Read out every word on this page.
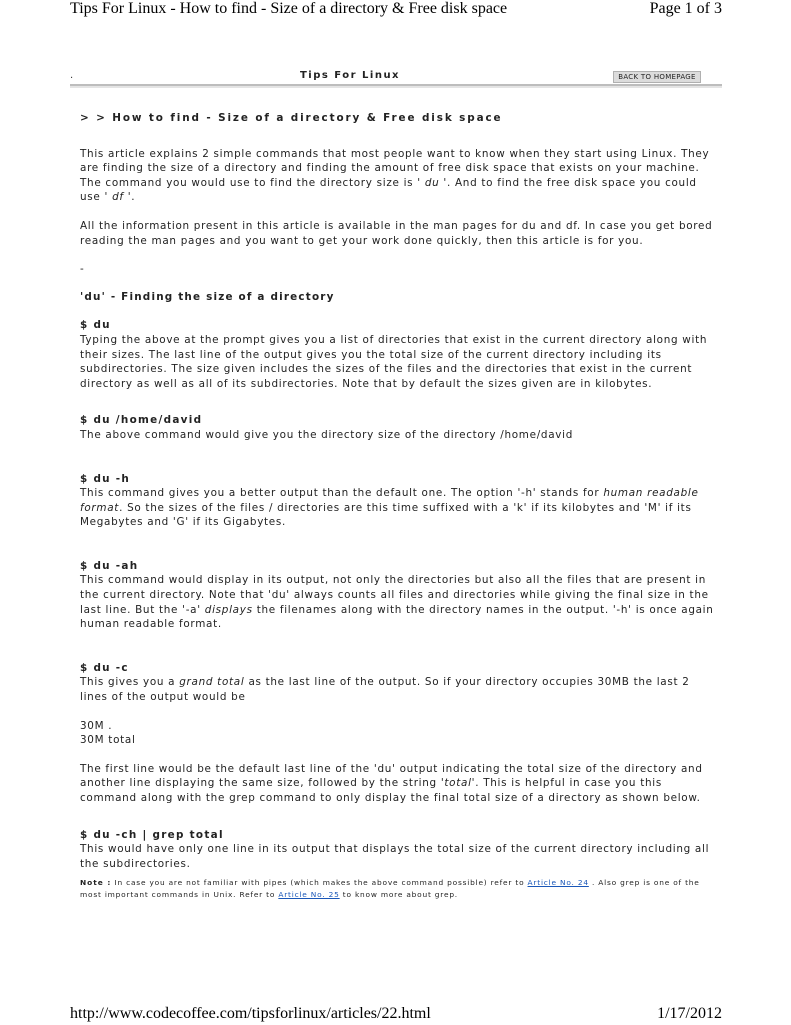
Tips For Linux - How to find - Size of a directory & Free disk space	Page 1 of 3
.	Tips For Linux	BACK TO HOMEPAGE

> > How to find - Size of a directory & Free disk space

This article explains 2 simple commands that most people want to know when they start using Linux. They are finding the size of a directory and finding the amount of free disk space that exists on your machine. The command you would use to find the directory size is ' du '. And to find the free disk space you could use ' df '.

All the information present in this article is available in the man pages for du and df. In case you get bored reading the man pages and you want to get your work done quickly, then this article is for you.

-

'du' - Finding the size of a directory

$ du

Typing the above at the prompt gives you a list of directories that exist in the current directory along with their sizes. The last line of the output gives you the total size of the current directory including its subdirectories. The size given includes the sizes of the files and the directories that exist in the current directory as well as all of its subdirectories. Note that by default the sizes given are in kilobytes.

$ du /home/david

The above command would give you the directory size of the directory /home/david

$ du -h

This command gives you a better output than the default one. The option '-h' stands for human readable format. So the sizes of the files / directories are this time suffixed with a 'k' if its kilobytes and 'M' if its Megabytes and 'G' if its Gigabytes.

$ du -ah

This command would display in its output, not only the directories but also all the files that are present in the current directory. Note that 'du' always counts all files and directories while giving the final size in the last line. But the '-a' displays the filenames along with the directory names in the output. '-h' is once again human readable format.

$ du -c

This gives you a grand total as the last line of the output. So if your directory occupies 30MB the last 2 lines of the output would be

30M .

30M total

The first line would be the default last line of the 'du' output indicating the total size of the directory and another line displaying the same size, followed by the string 'total'. This is helpful in case you this command along with the grep command to only display the final total size of a directory as shown below.

$ du -ch | grep total

This would have only one line in its output that displays the total size of the current directory including all the subdirectories.

Note : In case you are not familiar with pipes (which makes the above command possible) refer to Article No. 24 . Also grep is one of the most important commands in Unix. Refer to Article No. 25 to know more about grep.

http://www.codecoffee.com/tipsforlinux/articles/22.html	1/17/2012
